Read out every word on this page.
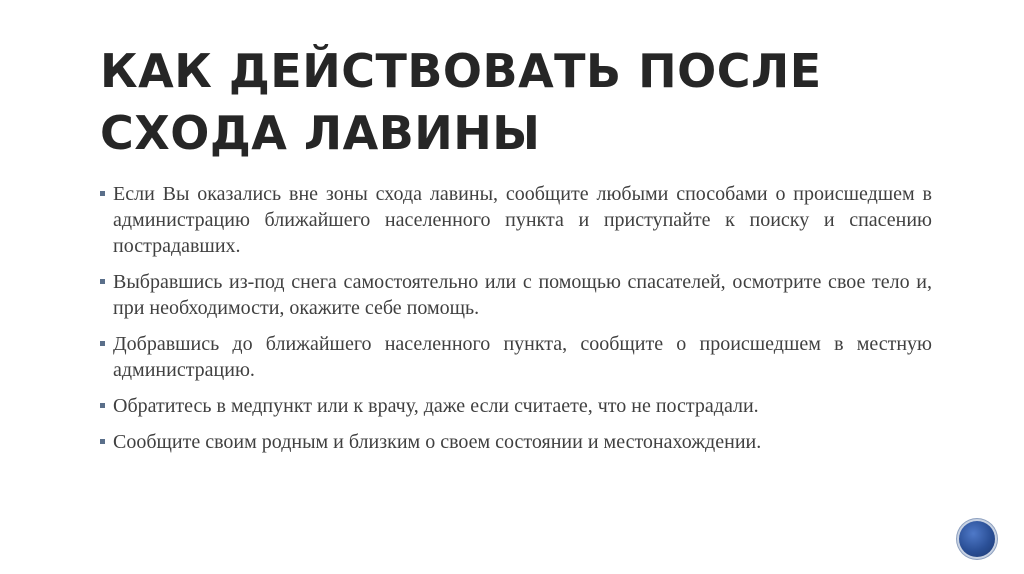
КАК ДЕЙСТВОВАТЬ ПОСЛЕ
СХОДА ЛАВИНЫ
Если Вы оказались вне зоны схода лавины, сообщите любыми способами о происшедшем в администрацию ближайшего населенного пункта и приступайте к поиску и спасению пострадавших.
Выбравшись из-под снега самостоятельно или с помощью спасателей, осмотрите свое тело и, при необходимости, окажите себе помощь.
Добравшись до ближайшего населенного пункта, сообщите о происшедшем в местную администрацию.
Обратитесь в медпункт или к врачу, даже если считаете, что не пострадали.
Сообщите своим родным и близким о своем состоянии и местонахождении.
